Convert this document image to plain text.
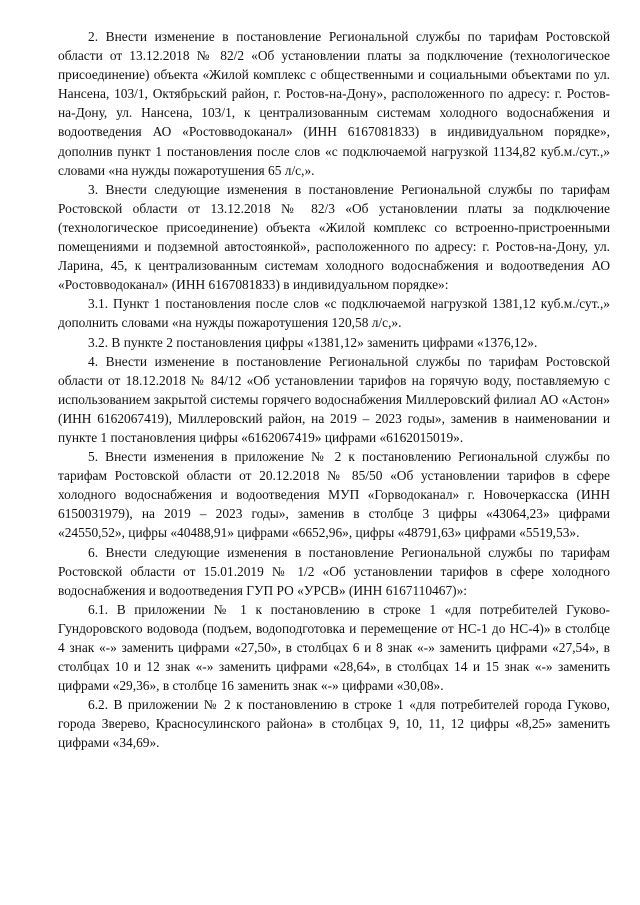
2. Внести изменение в постановление Региональной службы по тарифам Ростовской области от 13.12.2018 № 82/2 «Об установлении платы за подключение (технологическое присоединение) объекта «Жилой комплекс с общественными и социальными объектами по ул. Нансена, 103/1, Октябрьский район, г. Ростов-на-Дону», расположенного по адресу: г. Ростов-на-Дону, ул. Нансена, 103/1, к централизованным системам холодного водоснабжения и водоотведения АО «Ростовводоканал» (ИНН 6167081833) в индивидуальном порядке», дополнив пункт 1 постановления после слов «с подключаемой нагрузкой 1134,82 куб.м./сут.,» словами «на нужды пожаротушения 65 л/с,».

3. Внести следующие изменения в постановление Региональной службы по тарифам Ростовской области от 13.12.2018 № 82/3 «Об установлении платы за подключение (технологическое присоединение) объекта «Жилой комплекс со встроенно-пристроенными помещениями и подземной автостоянкой», расположенного по адресу: г. Ростов-на-Дону, ул. Ларина, 45, к централизованным системам холодного водоснабжения и водоотведения АО «Ростовводоканал» (ИНН 6167081833) в индивидуальном порядке»:

3.1. Пункт 1 постановления после слов «с подключаемой нагрузкой 1381,12 куб.м./сут.,» дополнить словами «на нужды пожаротушения 120,58 л/с,».

3.2. В пункте 2 постановления цифры «1381,12» заменить цифрами «1376,12».

4. Внести изменение в постановление Региональной службы по тарифам Ростовской области от 18.12.2018 № 84/12 «Об установлении тарифов на горячую воду, поставляемую с использованием закрытой системы горячего водоснабжения Миллеровский филиал АО «Астон» (ИНН 6162067419), Миллеровский район, на 2019 – 2023 годы», заменив в наименовании и пункте 1 постановления цифры «6162067419» цифрами «6162015019».

5. Внести изменения в приложение № 2 к постановлению Региональной службы по тарифам Ростовской области от 20.12.2018 № 85/50 «Об установлении тарифов в сфере холодного водоснабжения и водоотведения МУП «Горводоканал» г. Новочеркасска (ИНН 6150031979), на 2019 – 2023 годы», заменив в столбце 3 цифры «43064,23» цифрами «24550,52», цифры «40488,91» цифрами «6652,96», цифры «48791,63» цифрами «5519,53».

6. Внести следующие изменения в постановление Региональной службы по тарифам Ростовской области от 15.01.2019 № 1/2 «Об установлении тарифов в сфере холодного водоснабжения и водоотведения ГУП РО «УРСВ» (ИНН 6167110467)»:

6.1. В приложении № 1 к постановлению в строке 1 «для потребителей Гуково-Гундоровского водовода (подъем, водоподготовка и перемещение от НС-1 до НС-4)» в столбце 4 знак «-» заменить цифрами «27,50», в столбцах 6 и 8 знак «-» заменить цифрами «27,54», в столбцах 10 и 12 знак «-» заменить цифрами «28,64», в столбцах 14 и 15 знак «-» заменить цифрами «29,36», в столбце 16 заменить знак «-» цифрами «30,08».

6.2. В приложении № 2 к постановлению в строке 1 «для потребителей города Гуково, города Зверево, Красносулинского района» в столбцах 9, 10, 11, 12 цифры «8,25» заменить цифрами «34,69».
